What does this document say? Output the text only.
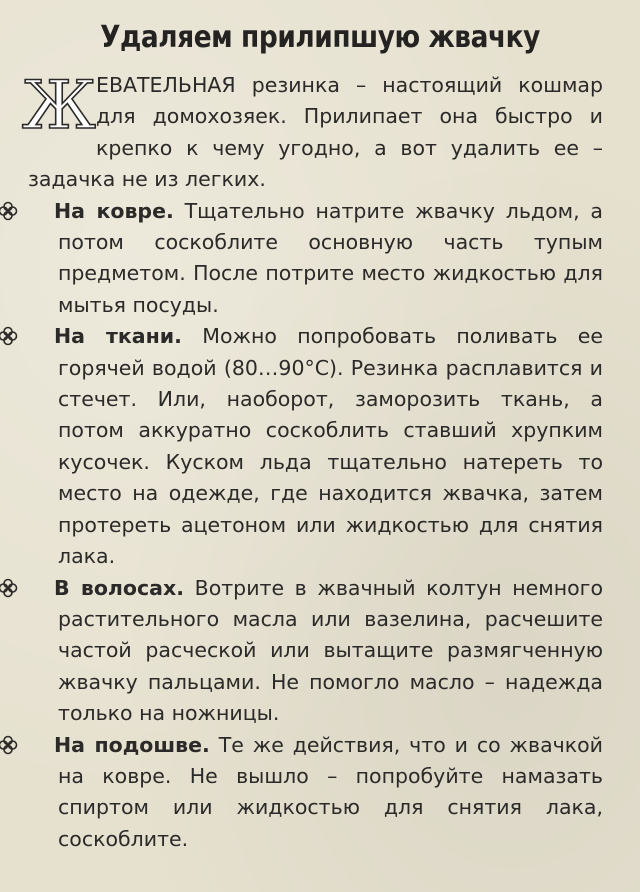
Удаляем прилипшую жвачку

Ж ЕВАТЕЛЬНАЯ резинка – настоящий кошмар для домохозяек. Прилипает она быстро и крепко к чему угодно, а вот удалить ее – задачка не из легких.

На ковре. Тщательно натрите жвачку льдом, а потом соскоблите основную часть тупым предметом. После потрите место жидкостью для мытья посуды.

На ткани. Можно попробовать поливать ее горячей водой (80…90°С). Резинка расплавится и стечет. Или, наоборот, заморозить ткань, а потом аккуратно соскоблить ставший хрупким кусочек. Куском льда тщательно натереть то место на одежде, где находится жвачка, затем протереть ацетоном или жидкостью для снятия лака.

В волосах. Вотрите в жвачный колтун немного растительного масла или вазелина, расчешите частой расческой или вытащите размягченную жвачку пальцами. Не помогло масло – надежда только на ножницы.

На подошве. Те же действия, что и со жвачкой на ковре. Не вышло – попробуйте намазать спиртом или жидкостью для снятия лака, соскоблите.
